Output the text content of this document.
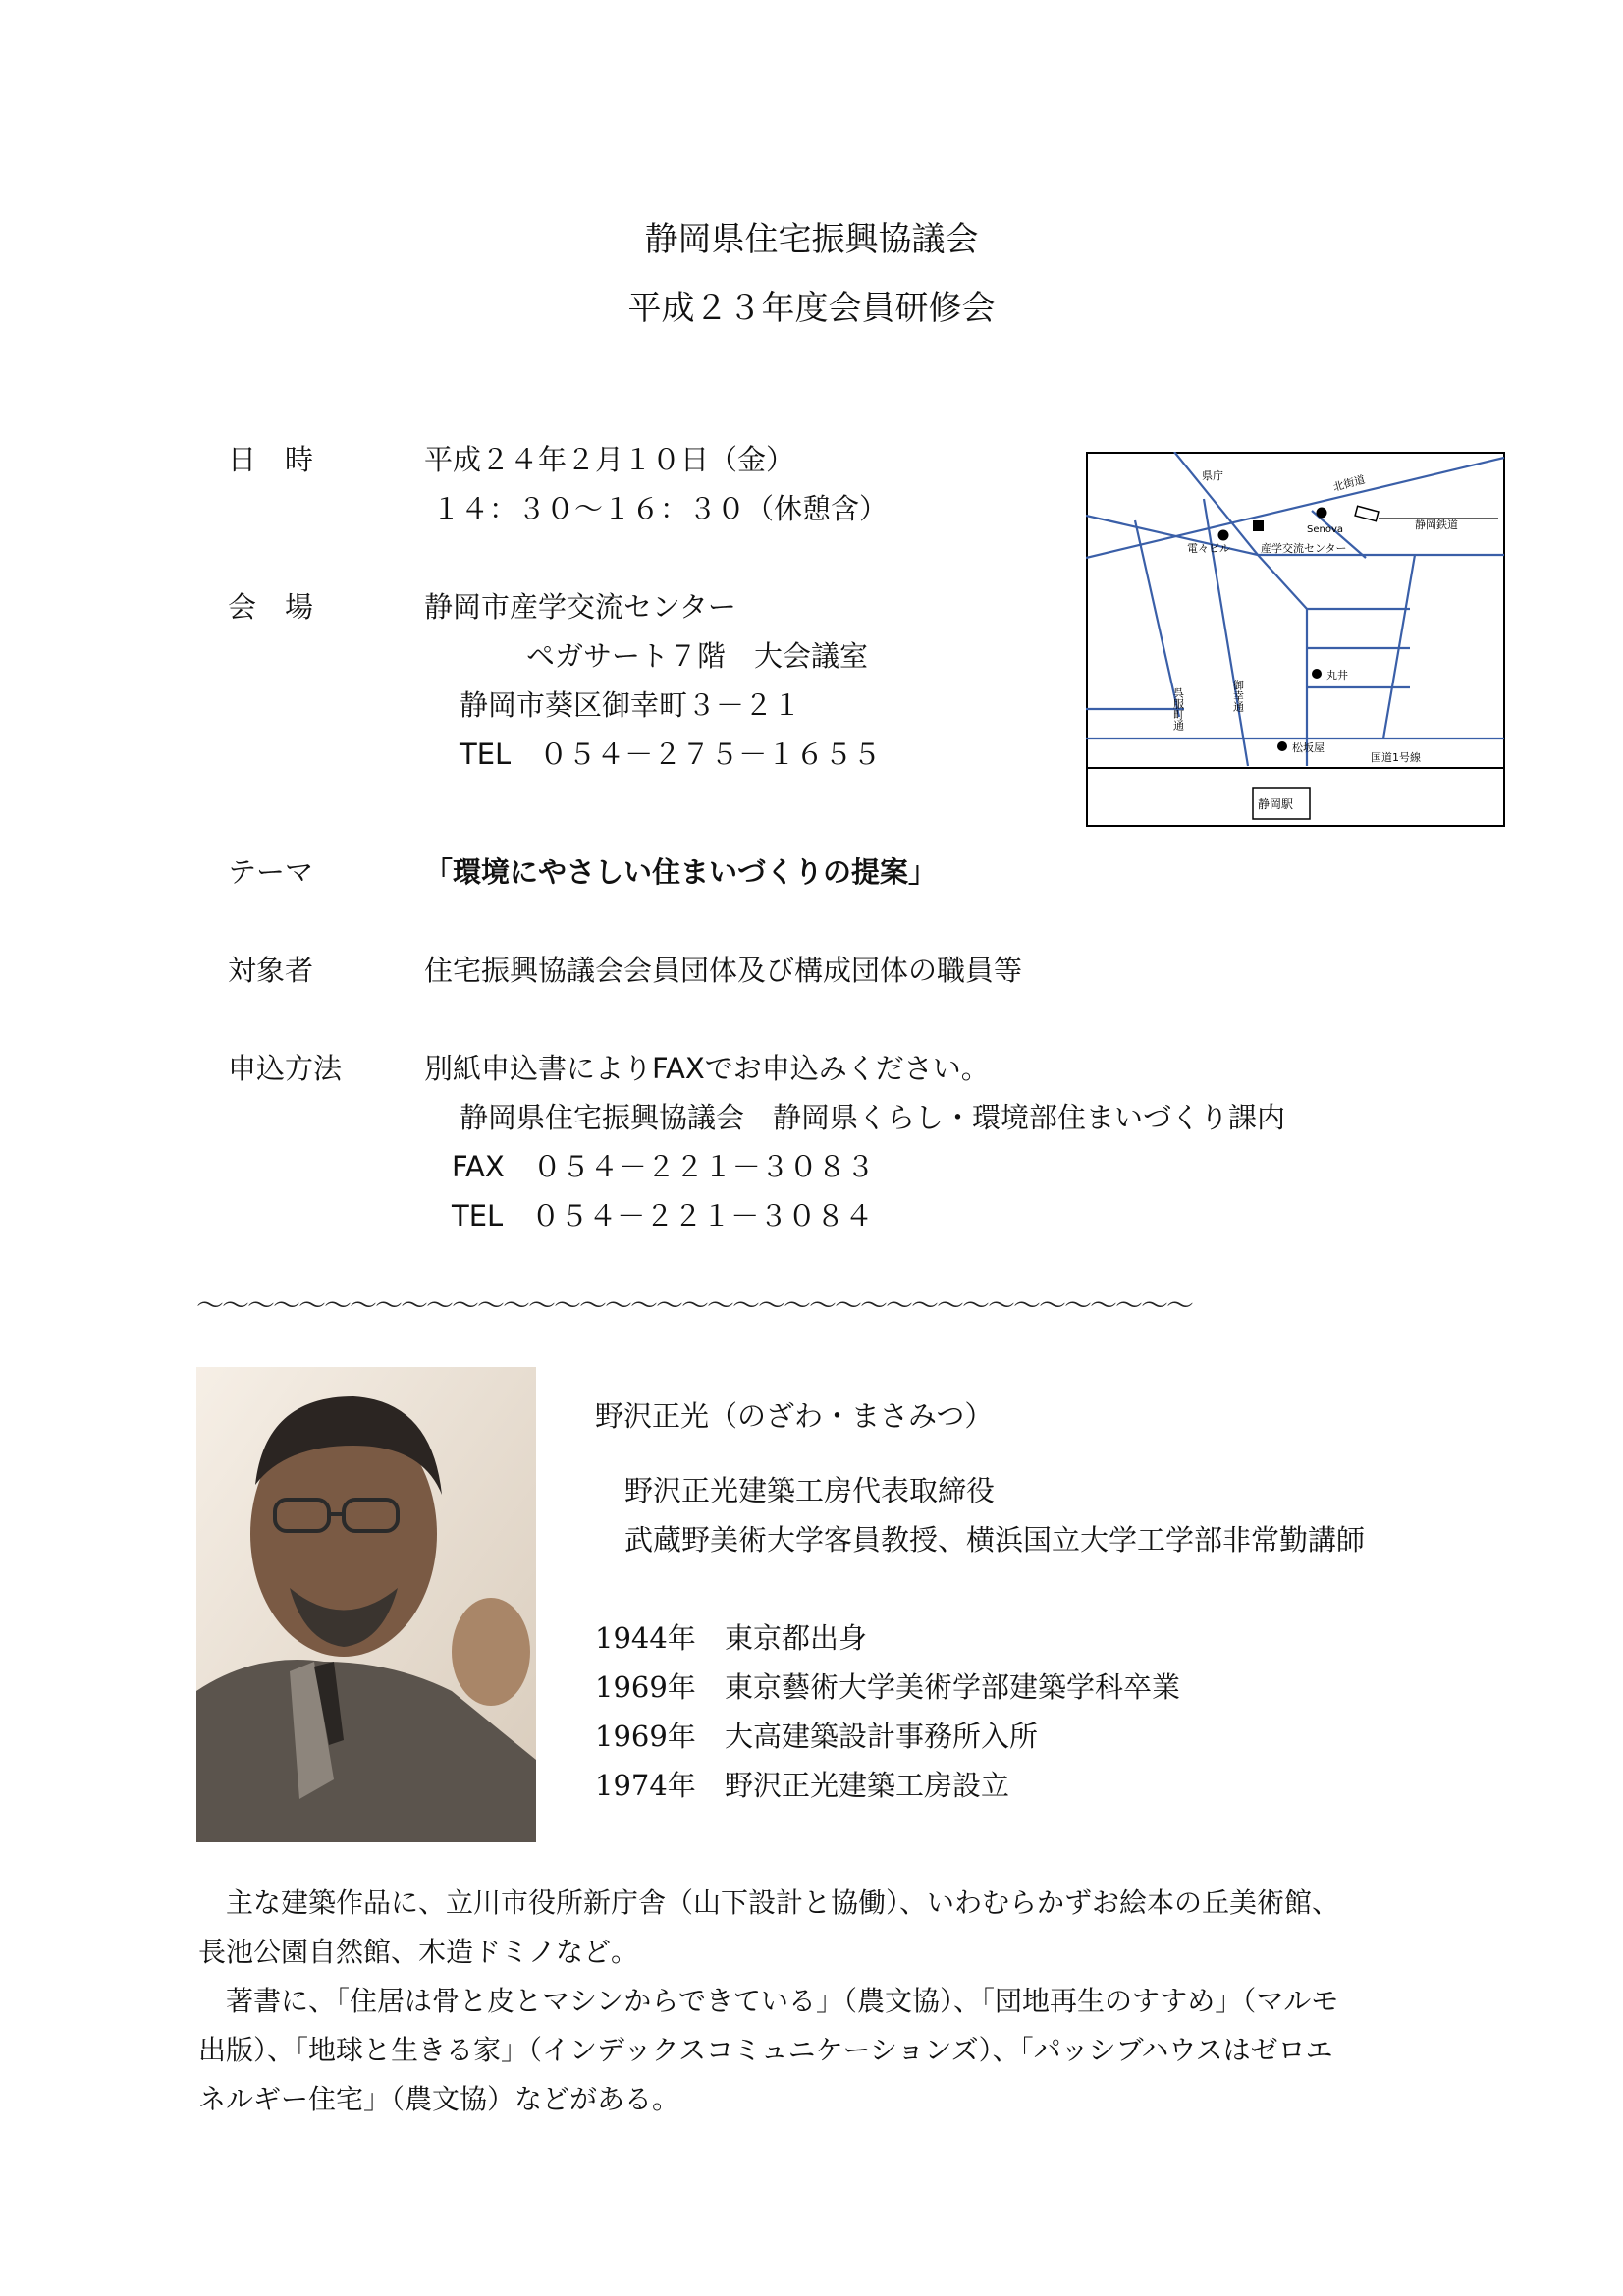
静岡県住宅振興協議会
平成２３年度会員研修会
日　時	平成２４年２月１０日（金）
１４：３０～１６：３０（休憩含）
会　場	静岡市産学交流センター
ペガサート７階　大会議室
静岡市葵区御幸町３－２１
TEL　０５４－２７５－１６５５
県庁	北街道
Senova	静岡鉄道
電々ビル	産学交流センター
丸井
松坂屋
国道1号線
静岡駅
呉服町通	御幸通
テーマ	「環境にやさしい住まいづくりの提案」
対象者	住宅振興協議会会員団体及び構成団体の職員等
申込方法	別紙申込書によりFAXでお申込みください。
静岡県住宅振興協議会　静岡県くらし・環境部住まいづくり課内
FAX　０５４－２２１－３０８３
TEL　０５４－２２１－３０８４
～～～～～～～～～～～～～～～～～～～～～～～～～～～～～～～～～～～～～～～
野沢正光（のざわ・まさみつ）
野沢正光建築工房代表取締役
武蔵野美術大学客員教授、横浜国立大学工学部非常勤講師
1944年 東京都出身
1969年 東京藝術大学美術学部建築学科卒業
1969年 大高建築設計事務所入所
1974年 野沢正光建築工房設立
主な建築作品に、立川市役所新庁舎（山下設計と協働）、いわむらかずお絵本の丘美術館、
長池公園自然館、木造ドミノなど。
著書に、「住居は骨と皮とマシンからできている」（農文協）、「団地再生のすすめ」（マルモ
出版）、「地球と生きる家」（インデックスコミュニケーションズ）、「パッシブハウスはゼロエ
ネルギー住宅」（農文協）などがある。
